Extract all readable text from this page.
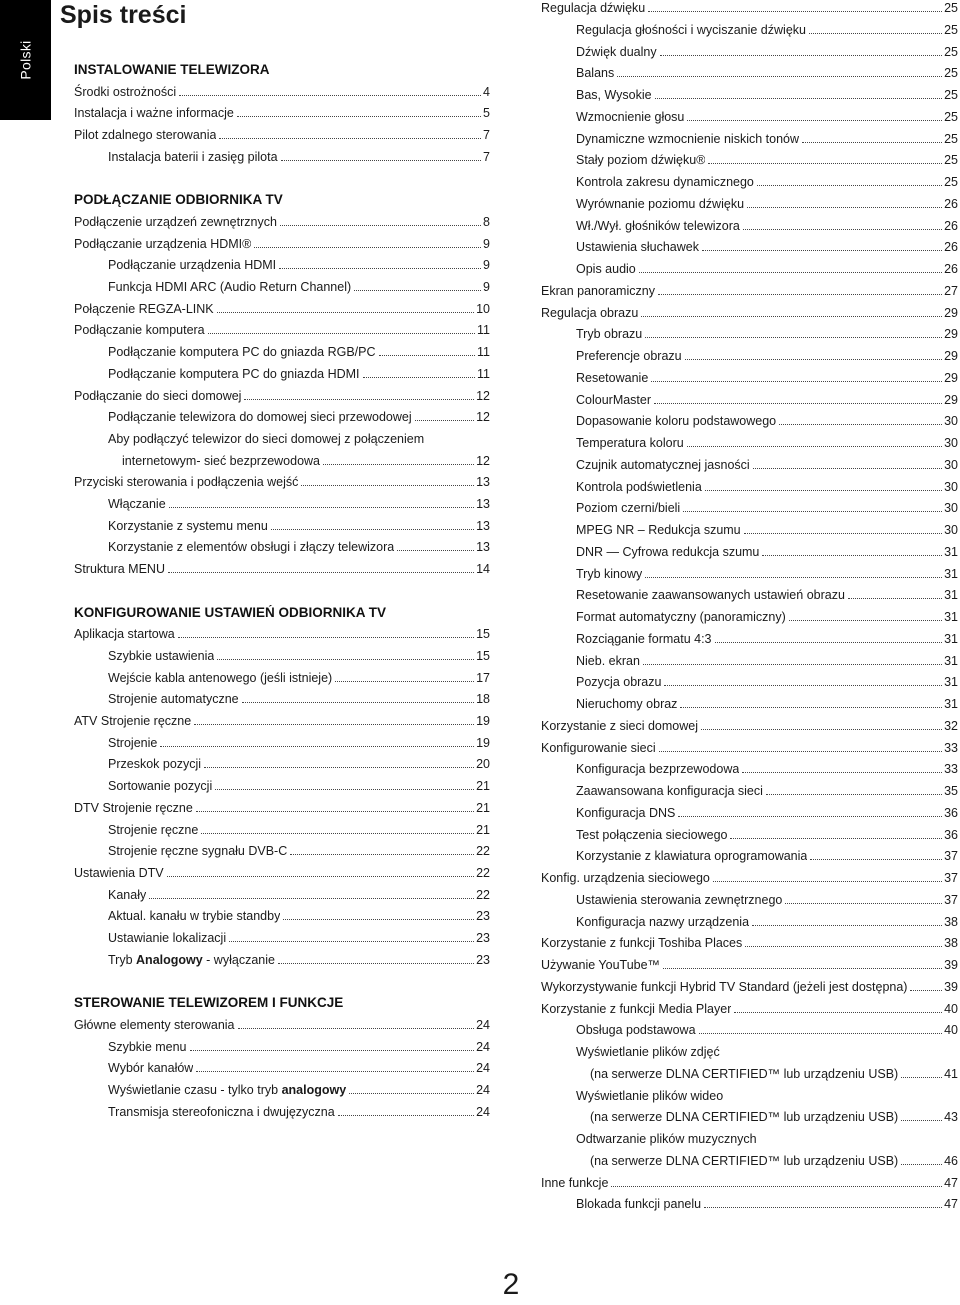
Polski
Spis treści
INSTALOWANIE TELEWIZORA
Środki ostrożności	4
Instalacja i ważne informacje	5
Pilot zdalnego sterowania	7
Instalacja baterii i zasięg pilota	7
PODŁĄCZANIE ODBIORNIKA TV
Podłączenie urządzeń zewnętrznych	8
Podłączanie urządzenia HDMI®	9
Podłączanie urządzenia HDMI	9
Funkcja HDMI ARC (Audio Return Channel)	9
Połączenie REGZA-LINK	10
Podłączanie komputera	11
Podłączanie komputera PC do gniazda RGB/PC	11
Podłączanie komputera PC do gniazda HDMI	11
Podłączanie do sieci domowej	12
Podłączanie telewizora do domowej sieci przewodowej	12
Aby podłączyć telewizor do sieci domowej z połączeniem
internetowym- sieć bezprzewodowa	12
Przyciski sterowania i podłączenia wejść	13
Włączanie	13
Korzystanie z systemu menu	13
Korzystanie z elementów obsługi i złączy telewizora	13
Struktura MENU	14
KONFIGUROWANIE USTAWIEŃ ODBIORNIKA TV
Aplikacja startowa	15
Szybkie ustawienia	15
Wejście kabla antenowego (jeśli istnieje)	17
Strojenie automatyczne	18
ATV Strojenie ręczne	19
Strojenie	19
Przeskok pozycji	20
Sortowanie pozycji	21
DTV Strojenie ręczne	21
Strojenie ręczne	21
Strojenie ręczne sygnału DVB-C	22
Ustawienia DTV	22
Kanały	22
Aktual. kanału w trybie standby	23
Ustawianie lokalizacji	23
Tryb Analogowy - wyłączanie	23
STEROWANIE TELEWIZOREM I FUNKCJE
Główne elementy sterowania	24
Szybkie menu	24
Wybór kanałów	24
Wyświetlanie czasu - tylko tryb analogowy	24
Transmisja stereofoniczna i dwujęzyczna	24
Regulacja dźwięku	25
Regulacja głośności i wyciszanie dźwięku	25
Dźwięk dualny	25
Balans	25
Bas, Wysokie	25
Wzmocnienie głosu	25
Dynamiczne wzmocnienie niskich tonów	25
Stały poziom dźwięku®	25
Kontrola zakresu dynamicznego	25
Wyrównanie poziomu dźwięku	26
Wł./Wył. głośników telewizora	26
Ustawienia słuchawek	26
Opis audio	26
Ekran panoramiczny	27
Regulacja obrazu	29
Tryb obrazu	29
Preferencje obrazu	29
Resetowanie	29
ColourMaster	29
Dopasowanie koloru podstawowego	30
Temperatura koloru	30
Czujnik automatycznej jasności	30
Kontrola podświetlenia	30
Poziom czerni/bieli	30
MPEG NR – Redukcja szumu	30
DNR — Cyfrowa redukcja szumu	31
Tryb kinowy	31
Resetowanie zaawansowanych ustawień obrazu	31
Format automatyczny (panoramiczny)	31
Rozciąganie formatu 4:3	31
Nieb. ekran	31
Pozycja obrazu	31
Nieruchomy obraz	31
Korzystanie z sieci domowej	32
Konfigurowanie sieci	33
Konfiguracja bezprzewodowa	33
Zaawansowana konfiguracja sieci	35
Konfiguracja DNS	36
Test połączenia sieciowego	36
Korzystanie z klawiatura oprogramowania	37
Konfig. urządzenia sieciowego	37
Ustawienia sterowania zewnętrznego	37
Konfiguracja nazwy urządzenia	38
Korzystanie z funkcji Toshiba Places	38
Używanie YouTube™	39
Wykorzystywanie funkcji Hybrid TV Standard (jeżeli jest dostępna)	39
Korzystanie z funkcji Media Player	40
Obsługa podstawowa	40
Wyświetlanie plików zdjęć
(na serwerze DLNA CERTIFIED™ lub urządzeniu USB)	41
Wyświetlanie plików wideo
(na serwerze DLNA CERTIFIED™ lub urządzeniu USB)	43
Odtwarzanie plików muzycznych
(na serwerze DLNA CERTIFIED™ lub urządzeniu USB)	46
Inne funkcje	47
Blokada funkcji panelu	47
2
